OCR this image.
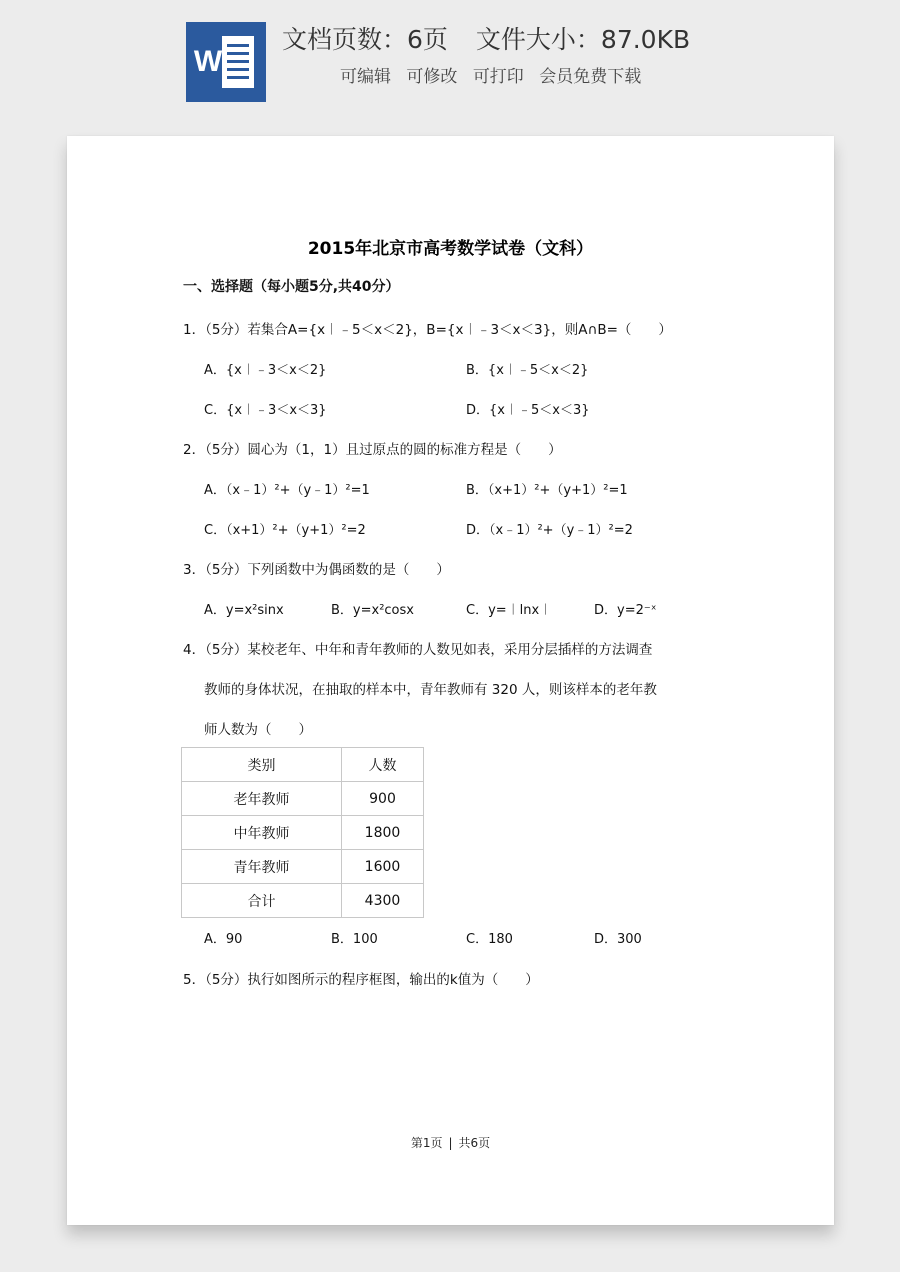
W
文档页数：6页 文件大小：87.0KB
可编辑 可修改 可打印 会员免费下载
2015年北京市高考数学试卷（文科）
一、选择题（每小题5分,共40分）
1．（5分）若集合A={x︱﹣5＜x＜2}，B={x︱﹣3＜x＜3}，则A∩B=（　　）
A．{x︱﹣3＜x＜2}	B．{x︱﹣5＜x＜2}
C．{x︱﹣3＜x＜3}	D．{x︱﹣5＜x＜3}
2．（5分）圆心为（1，1）且过原点的圆的标准方程是（　　）
A．（x﹣1）²+（y﹣1）²=1	B．（x+1）²+（y+1）²=1
C．（x+1）²+（y+1）²=2	D．（x﹣1）²+（y﹣1）²=2
3．（5分）下列函数中为偶函数的是（　　）
A．y=x²sinx	B．y=x²cosx	C．y=︱lnx︱	D．y=2⁻ˣ
4．（5分）某校老年、中年和青年教师的人数见如表，采用分层插样的方法调查
教师的身体状况，在抽取的样本中，青年教师有 320 人，则该样本的老年教
师人数为（　　）
类别	人数
老年教师	900
中年教师	1800
青年教师	1600
合计	4300
A．90	B．100	C．180	D．300
5．（5分）执行如图所示的程序框图，输出的k值为（　　）
第1页 | 共6页
